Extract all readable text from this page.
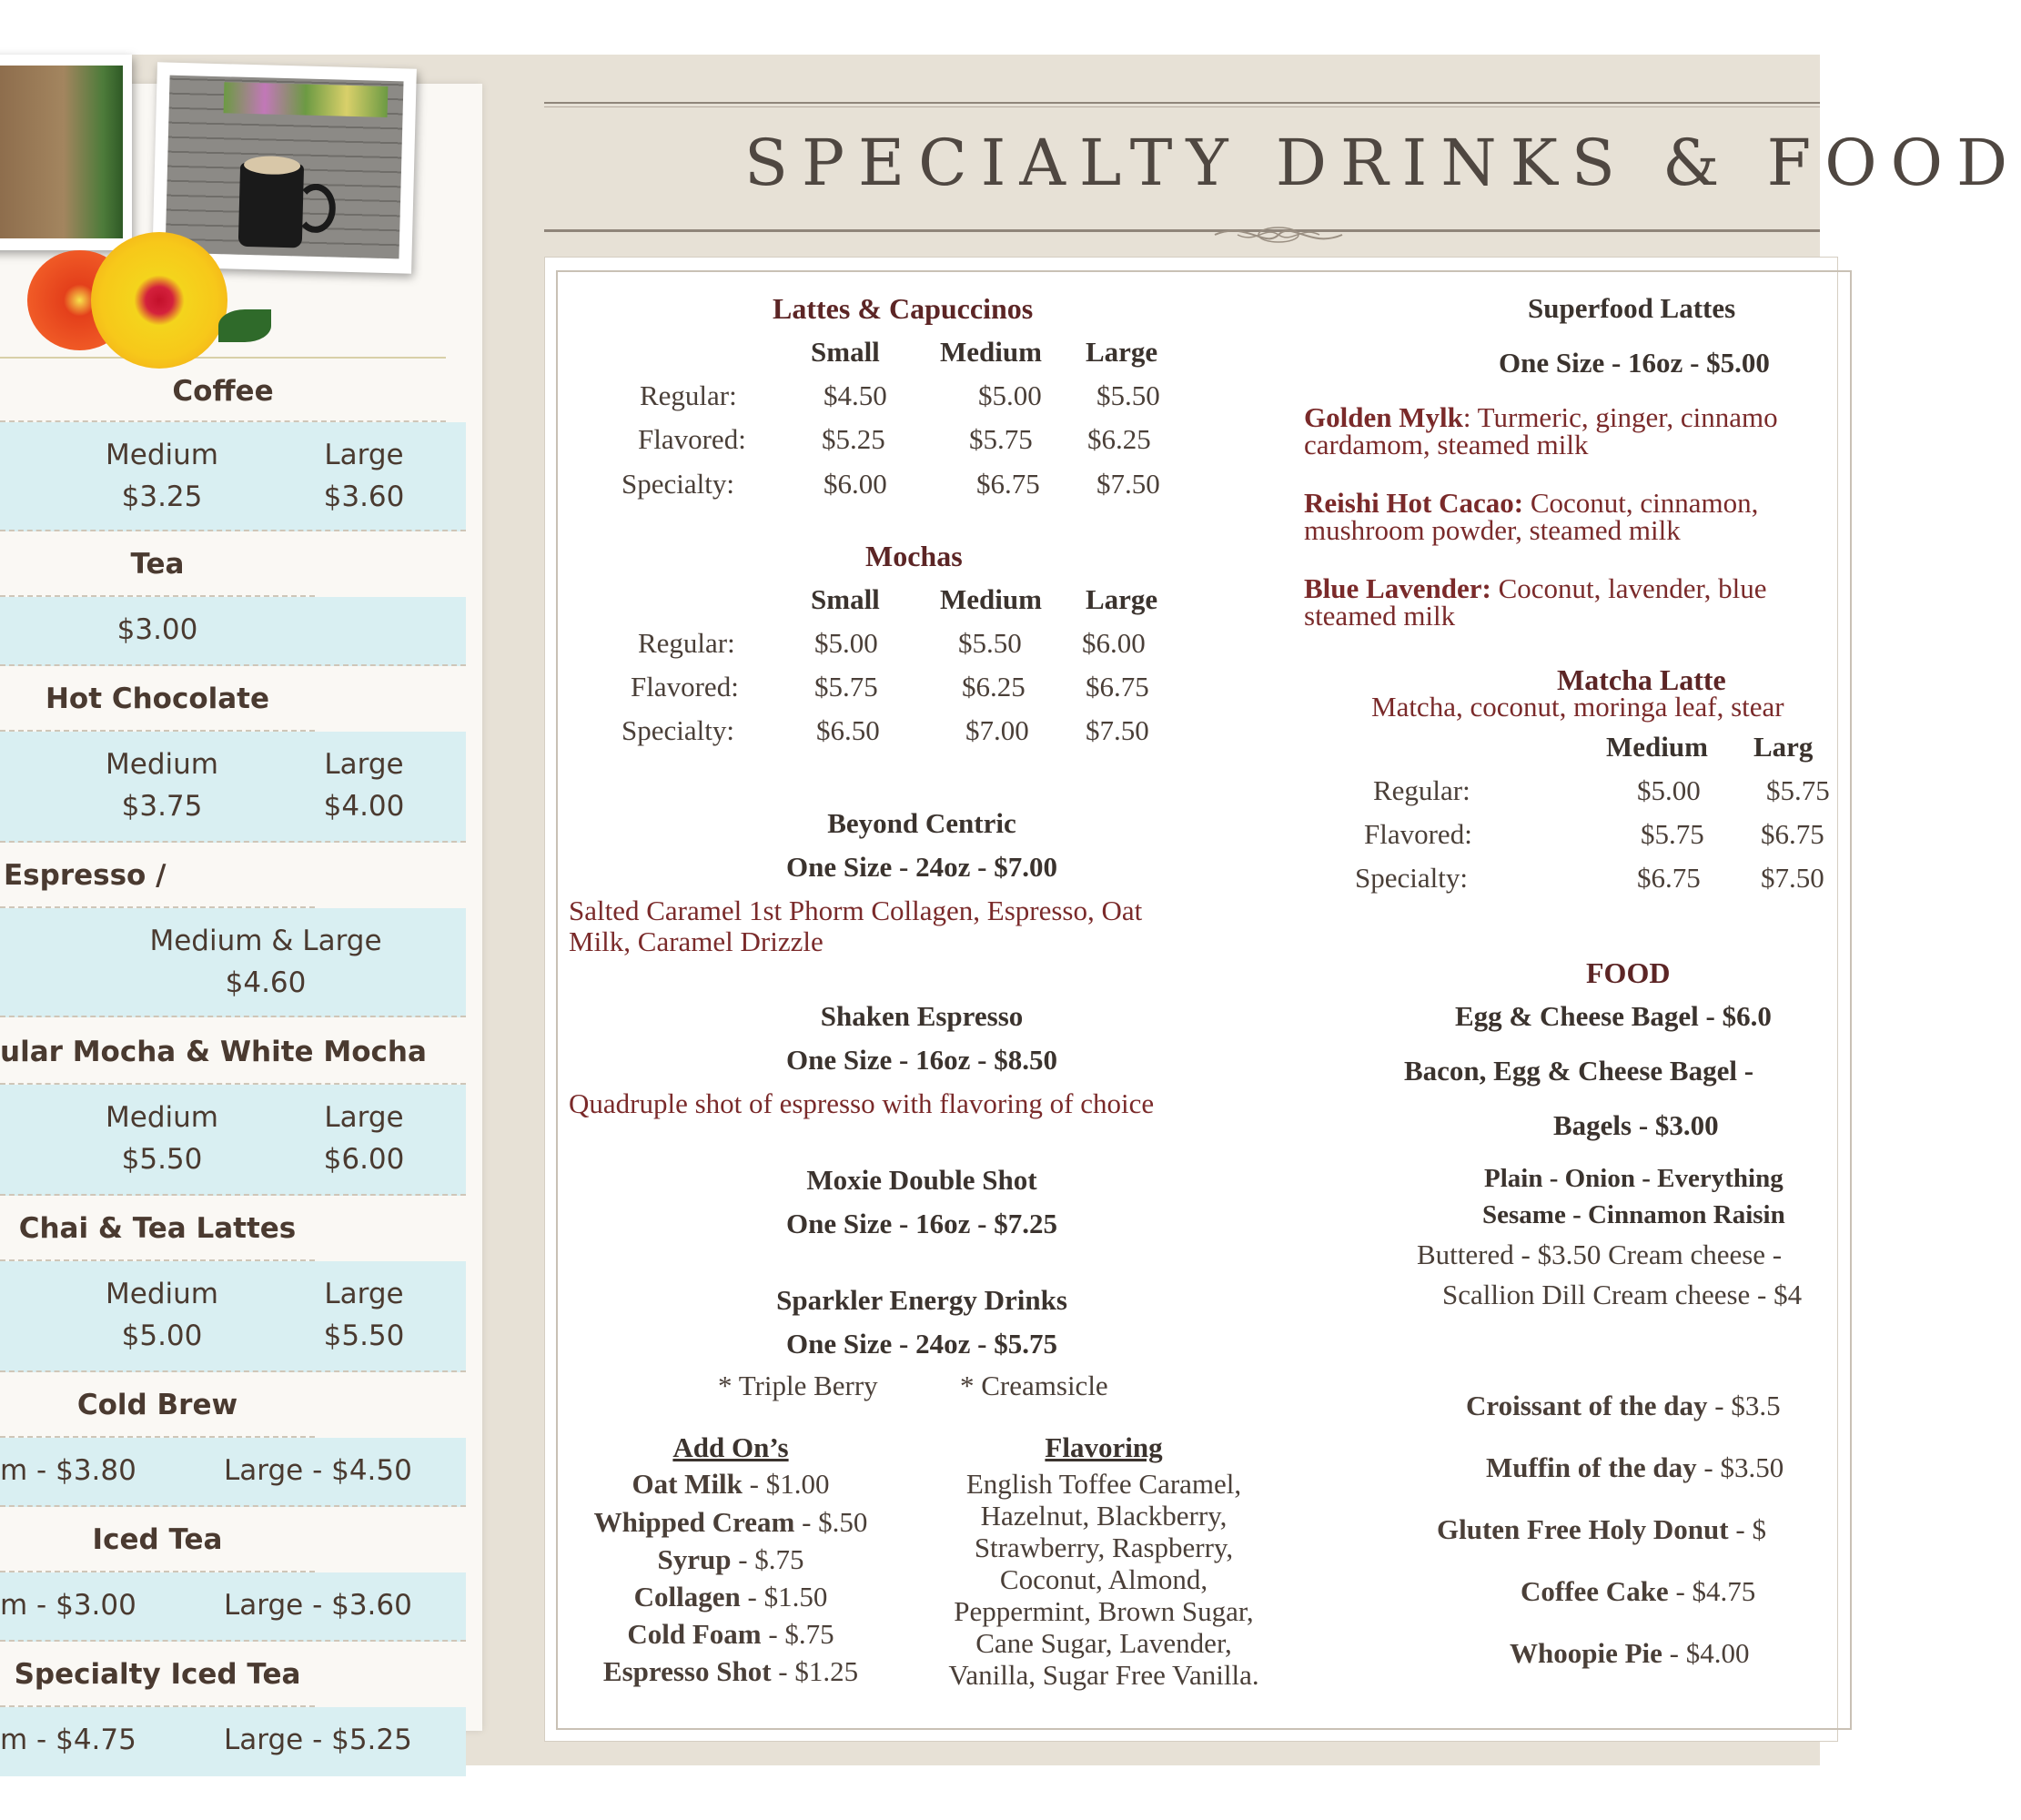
Coffee
Medium	Large
$3.25	$3.60
Tea
$3.00
Hot Chocolate
Medium	Large
$3.75	$4.00
Espresso /
Medium & Large
$4.60
ular Mocha & White Mocha
Medium	Large
$5.50	$6.00
Chai & Tea Lattes
Medium	Large
$5.00	$5.50
Cold Brew
m - $3.80	Large - $4.50
Iced Tea
m - $3.00	Large - $3.60
Specialty Iced Tea
m - $4.75	Large - $5.25
SPECIALTY DRINKS & FOOD
Lattes & Capuccinos
Small Medium Large
Regular:	$4.50	$5.00 $5.50
Flavored:	$5.25	$5.75 $6.25
Specialty:	$6.00	$6.75 $7.50
Mochas
Small Medium Large
Regular:	$5.00	$5.50 $6.00
Flavored:	$5.75	$6.25 $6.75
Specialty:	$6.50	$7.00 $7.50
Beyond Centric
One Size - 24oz - $7.00
Salted Caramel 1st Phorm Collagen, Espresso, Oat
Milk, Caramel Drizzle
Shaken Espresso
One Size - 16oz - $8.50
Quadruple shot of espresso with flavoring of choice
Moxie Double Shot
One Size - 16oz - $7.25
Sparkler Energy Drinks
One Size - 24oz - $5.75
* Triple Berry	* Creamsicle
Add On’s
Oat Milk - $1.00
Whipped Cream - $.50
Syrup - $.75
Collagen - $1.50
Cold Foam - $.75
Espresso Shot - $1.25
Flavoring
English Toffee Caramel,
Hazelnut, Blackberry,
Strawberry, Raspberry,
Coconut, Almond,
Peppermint, Brown Sugar,
Cane Sugar, Lavender,
Vanilla, Sugar Free Vanilla.
Superfood Lattes
One Size - 16oz - $5.00
Golden Mylk: Turmeric, ginger, cinnamo
cardamom, steamed milk
Reishi Hot Cacao: Coconut, cinnamon,
mushroom powder, steamed milk
Blue Lavender: Coconut, lavender, blue
steamed milk
Matcha Latte
Matcha, coconut, moringa leaf, stear
Medium Larg
Regular:	$5.00 $5.75
Flavored:	$5.75 $6.75
Specialty:	$6.75 $7.50
FOOD
Egg & Cheese Bagel - $6.0
Bacon, Egg & Cheese Bagel -
Bagels - $3.00
Plain - Onion - Everything
Sesame - Cinnamon Raisin
Buttered - $3.50 Cream cheese -
Scallion Dill Cream cheese - $4
Croissant of the day - $3.5
Muffin of the day - $3.50
Gluten Free Holy Donut - $
Coffee Cake - $4.75
Whoopie Pie - $4.00
